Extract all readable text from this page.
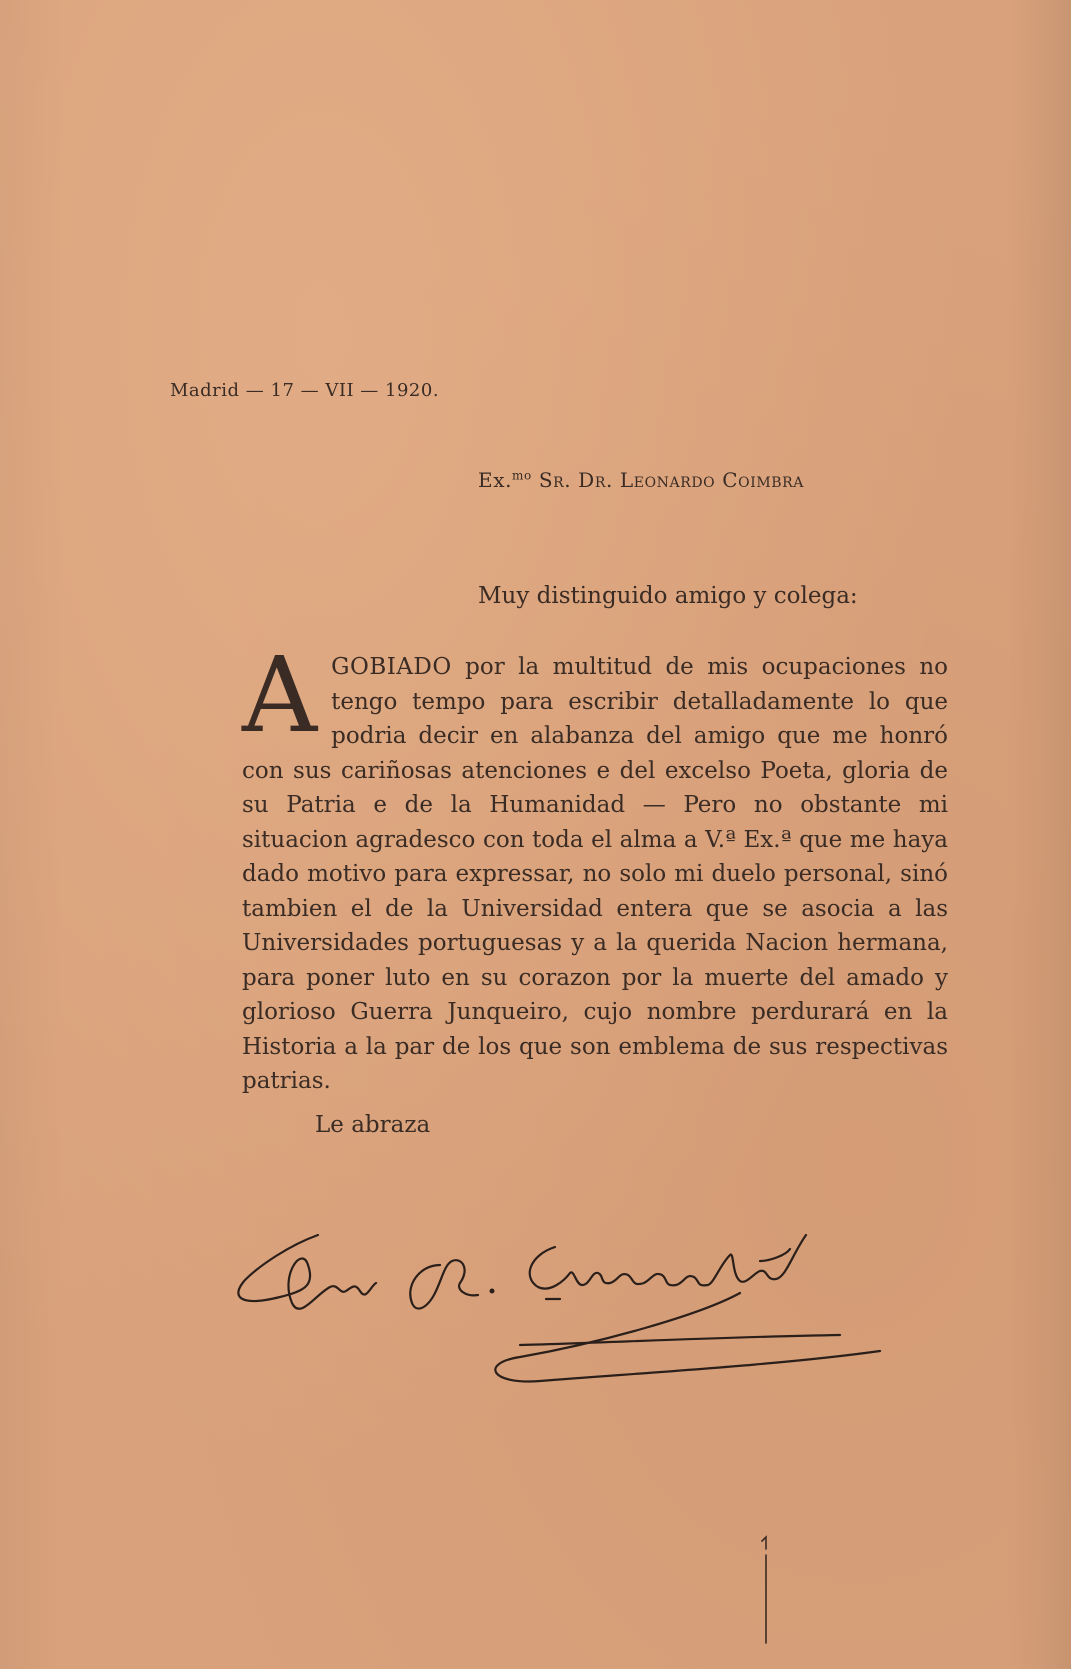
Madrid — 17 — VII — 1920.
Ex.$^{mo}$ Sr. Dr. Leonardo Coimbra
Muy distinguido amigo y colega:
A GOBIADO por la multitud de mis ocupaciones no tengo tempo para escribir detalladamente lo que podria decir en alabanza del amigo que me honró con sus cariñosas atenciones e del excelso Poeta, gloria de su Patria e de la Humanidad — Pero no obstante mi situacion agradesco con toda el alma a V.ª Ex.ª que me haya dado motivo para expressar, no solo mi duelo personal, sinó tambien el de la Universidad entera que se asocia a las Universidades portuguesas y a la querida Nacion hermana, para poner luto en su corazon por la muerte del amado y glorioso Guerra Junqueiro, cujo nombre perdurará en la Historia a la par de los que son emblema de sus respectivas patrias.

Le abraza
